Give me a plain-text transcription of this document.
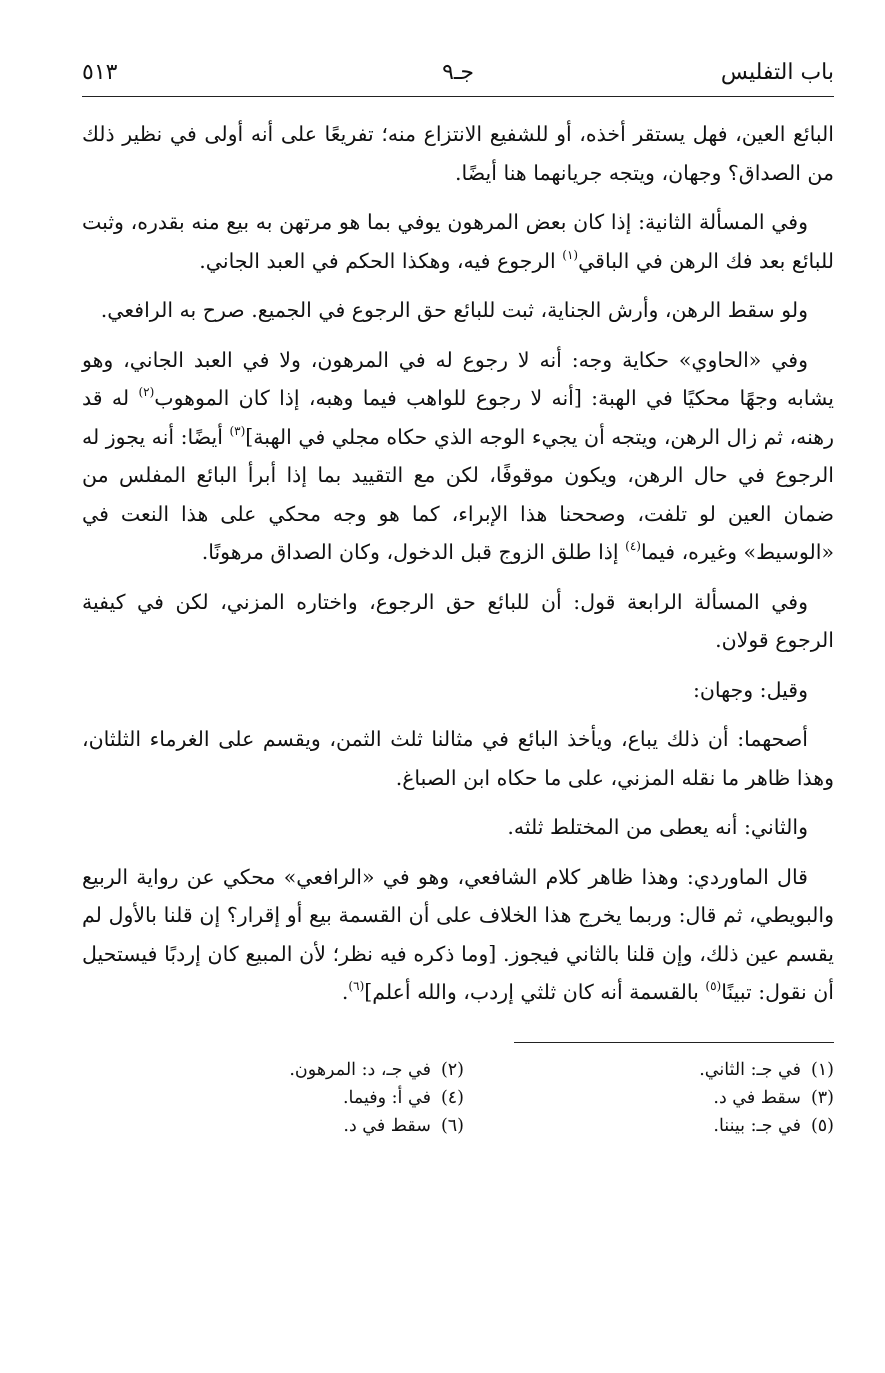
باب التفليس
جـ٩
٥١٣

البائع العين، فهل يستقر أخذه، أو للشفيع الانتزاع منه؛ تفريعًا على أنه أولى في نظير ذلك من الصداق؟ وجهان، ويتجه جريانهما هنا أيضًا.

وفي المسألة الثانية: إذا كان بعض المرهون يوفي بما هو مرتهن به بيع منه بقدره، وثبت للبائع بعد فك الرهن في الباقي$^{(١)}$ الرجوع فيه، وهكذا الحكم في العبد الجاني.

ولو سقط الرهن، وأرش الجناية، ثبت للبائع حق الرجوع في الجميع. صرح به الرافعي.

وفي «الحاوي» حكاية وجه: أنه لا رجوع له في المرهون، ولا في العبد الجاني، وهو يشابه وجهًا محكيًا في الهبة: [أنه لا رجوع للواهب فيما وهبه، إذا كان الموهوب$^{(٢)}$ له قد رهنه، ثم زال الرهن، ويتجه أن يجيء الوجه الذي حكاه مجلي في الهبة]$^{(٣)}$ أيضًا: أنه يجوز له الرجوع في حال الرهن، ويكون موقوفًا، لكن مع التقييد بما إذا أبرأ البائع المفلس من ضمان العين لو تلفت، وصححنا هذا الإبراء، كما هو وجه محكي على هذا النعت في «الوسيط» وغيره، فيما$^{(٤)}$ إذا طلق الزوج قبل الدخول، وكان الصداق مرهونًا.

وفي المسألة الرابعة قول: أن للبائع حق الرجوع، واختاره المزني، لكن في كيفية الرجوع قولان.

وقيل: وجهان:

أصحهما: أن ذلك يباع، ويأخذ البائع في مثالنا ثلث الثمن، ويقسم على الغرماء الثلثان، وهذا ظاهر ما نقله المزني، على ما حكاه ابن الصباغ.

والثاني: أنه يعطى من المختلط ثلثه.

قال الماوردي: وهذا ظاهر كلام الشافعي، وهو في «الرافعي» محكي عن رواية الربيع والبويطي، ثم قال: وربما يخرج هذا الخلاف على أن القسمة بيع أو إقرار؟ إن قلنا بالأول لم يقسم عين ذلك، وإن قلنا بالثاني فيجوز. [وما ذكره فيه نظر؛ لأن المبيع كان إردبًا فيستحيل أن نقول: تبينًا$^{(٥)}$ بالقسمة أنه كان ثلثي إردب، والله أعلم]$^{(٦)}$.

(١)في جـ: الثاني.
(٢)في جـ، د: المرهون.
(٣)سقط في د.
(٤)في أ: وفيما.
(٥)في جـ: بيننا.
(٦)سقط في د.
